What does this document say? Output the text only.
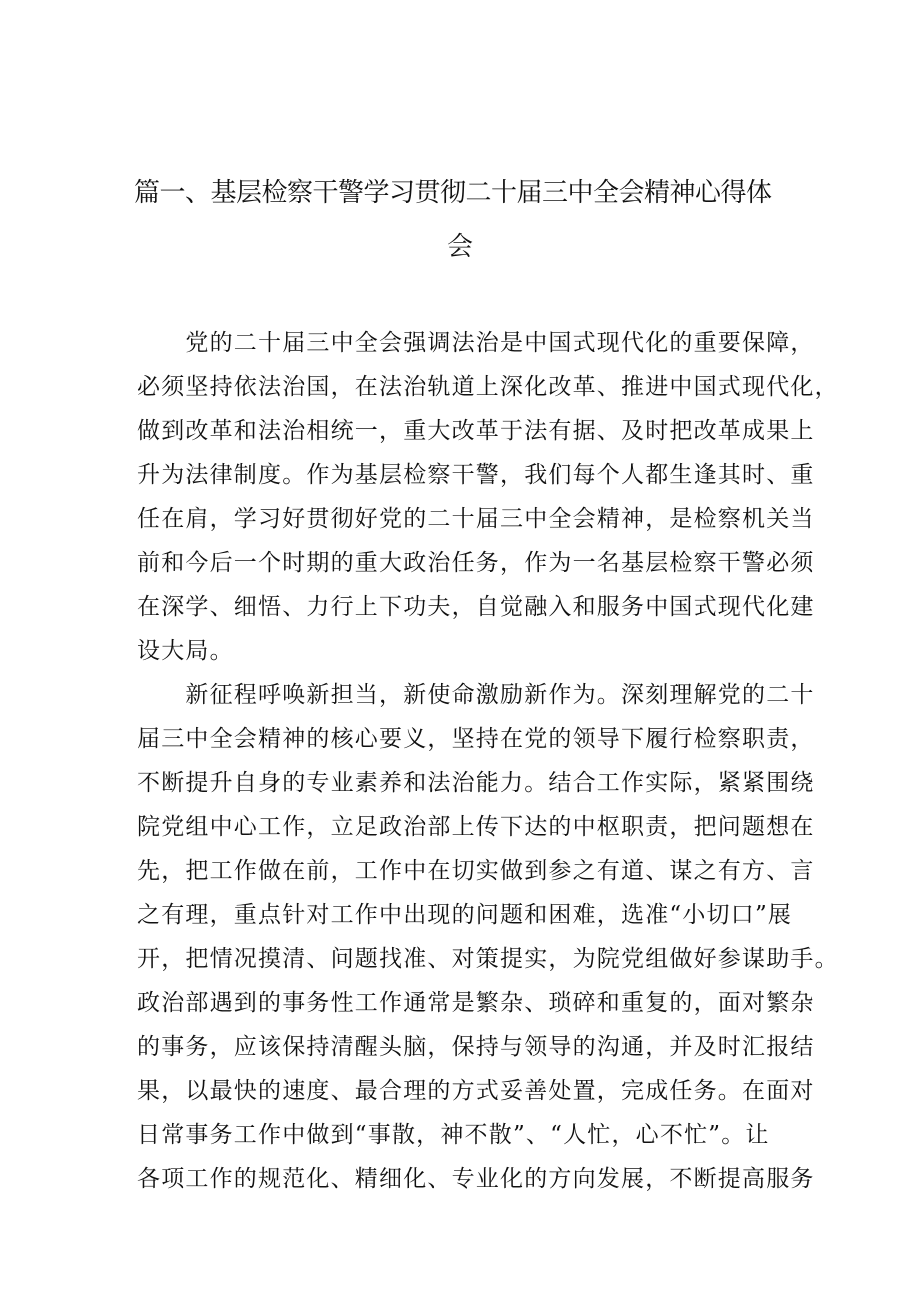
篇一、基层检察干警学习贯彻二十届三中全会精神心得体
会
　　党的二十届三中全会强调法治是中国式现代化的重要保障，
必须坚持依法治国，在法治轨道上深化改革、推进中国式现代化，
做到改革和法治相统一，重大改革于法有据、及时把改革成果上
升为法律制度。作为基层检察干警，我们每个人都生逢其时、重
任在肩，学习好贯彻好党的二十届三中全会精神，是检察机关当
前和今后一个时期的重大政治任务，作为一名基层检察干警必须
在深学、细悟、力行上下功夫，自觉融入和服务中国式现代化建
设大局。
　　新征程呼唤新担当，新使命激励新作为。深刻理解党的二十
届三中全会精神的核心要义，坚持在党的领导下履行检察职责，
不断提升自身的专业素养和法治能力。结合工作实际，紧紧围绕
院党组中心工作，立足政治部上传下达的中枢职责，把问题想在
先，把工作做在前，工作中在切实做到参之有道、谋之有方、言
之有理，重点针对工作中出现的问题和困难，选准“小切口”展
开，把情况摸清、问题找准、对策提实，为院党组做好参谋助手。
政治部遇到的事务性工作通常是繁杂、琐碎和重复的，面对繁杂
的事务，应该保持清醒头脑，保持与领导的沟通，并及时汇报结
果，以最快的速度、最合理的方式妥善处置，完成任务。在面对
日常事务工作中做到“事散，神不散”、“人忙，心不忙”。让
各项工作的规范化、精细化、专业化的方向发展，不断提高服务
